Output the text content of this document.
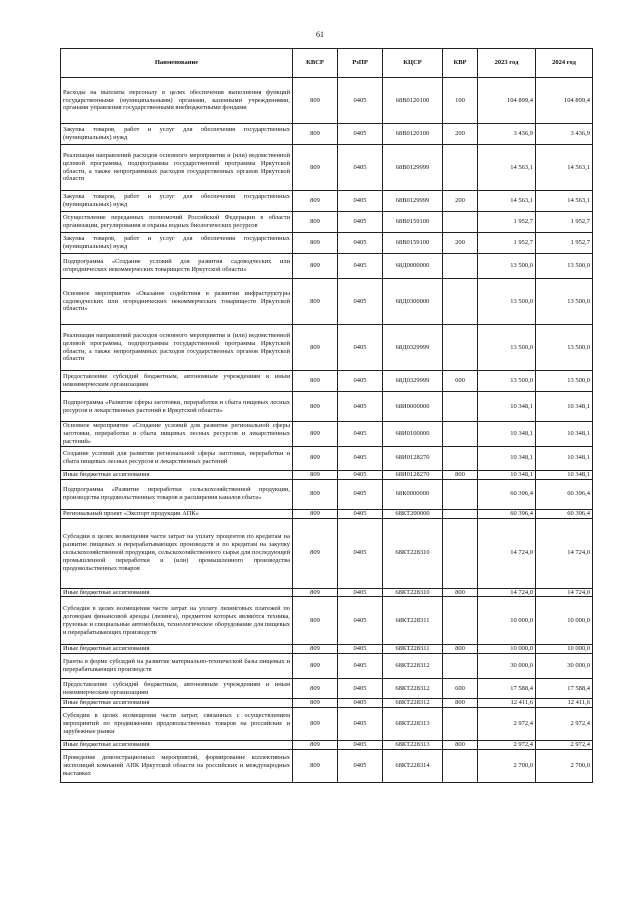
61
Наименование	КВСР	РзПР	КЦСР	КВР	2023 год	2024 год
Расходы на выплаты персоналу в целях обеспечения выполнения функций государственными (муниципальными) органами, казенными учреждениями, органами управления государственными внебюджетными фондами	809	0405	68В0120100	100	104 899,4	104 899,4
Закупка товаров, работ и услуг для обеспечения государственных (муниципальных) нужд	809	0405	68В0120100	200	3 436,9	3 436,9
Реализация направлений расходов основного мероприятия и (или) ведомственной целевой программы, подпрограммы государственной программы Иркутской области, а также непрограммных расходов государственных органов Иркутской области	809	0405	68В0129999		14 563,1	14 563,1
Закупка товаров, работ и услуг для обеспечения государственных (муниципальных) нужд	809	0405	68В0129999	200	14 563,1	14 563,1
Осуществление переданных полномочий Российской Федерации в области организации, регулирования и охраны водных биологических ресурсов	809	0405	68В0159100		1 952,7	1 952,7
Закупка товаров, работ и услуг для обеспечения государственных (муниципальных) нужд	809	0405	68В0159100	200	1 952,7	1 952,7
Подпрограмма «Создание условий для развития садоводческих или огороднических некоммерческих товариществ Иркутской области»	809	0405	68Д0000000		13 500,0	13 500,0
Основное мероприятие «Оказание содействия в развитии инфраструктуры садоводческих или огороднических некоммерческих товариществ Иркутской области»	809	0405	68Д0300000		13 500,0	13 500,0
Реализация направлений расходов основного мероприятия и (или) ведомственной целевой программы, подпрограммы государственной программы Иркутской области, а также непрограммных расходов государственных органов Иркутской области	809	0405	68Д0329999		13 500,0	13 500,0
Предоставление субсидий бюджетным, автономным учреждениям и иным некоммерческим организациям	809	0405	68Д0329999	600	13 500,0	13 500,0
Подпрограмма «Развитие сферы заготовки, переработки и сбыта пищевых лесных ресурсов и лекарственных растений в Иркутской области»	809	0405	68И0000000		10 348,1	10 348,1
Основное мероприятие «Создание условий для развития региональной сферы заготовки, переработки и сбыта пищевых лесных ресурсов и лекарственных растений»	809	0405	68И0100000		10 348,1	10 348,1
Создание условий для развития региональной сферы заготовки, переработки и сбыта пищевых лесных ресурсов и лекарственных растений	809	0405	68И0128270		10 348,1	10 348,1
Иные бюджетные ассигнования	809	0405	68И0128270	800	10 348,1	10 348,1
Подпрограмма «Развитие переработки сельскохозяйственной продукции, производства продовольственных товаров и расширения каналов сбыта»	809	0405	68К0000000		60 396,4	60 396,4
Региональный проект «Экспорт продукции АПК»	809	0405	68КТ200000		60 396,4	60 396,4
Субсидии в целях возмещения части затрат на уплату процентов по кредитам на развитие пищевых и перерабатывающих производств и по кредитам на закупку сельскохозяйственной продукции, сельскохозяйственного сырья для последующей промышленной переработки и (или) промышленного производства продовольственных товаров	809	0405	68КТ228310		14 724,0	14 724,0
Иные бюджетные ассигнования	809	0405	68КТ228310	800	14 724,0	14 724,0
Субсидии в целях возмещения части затрат на уплату лизинговых платежей по договорам финансовой аренды (лизинга), предметом которых являются техника, грузовые и специальные автомобили, технологическое оборудование для пищевых и перерабатывающих производств	809	0405	68КТ228311		10 000,0	10 000,0
Иные бюджетные ассигнования	809	0405	68КТ228311	800	10 000,0	10 000,0
Гранты в форме субсидий на развитие материально-технической базы пищевых и перерабатывающих производств	809	0405	68КТ228312		30 000,0	30 000,0
Предоставление субсидий бюджетным, автономным учреждениям и иным некоммерческим организациям	809	0405	68КТ228312	600	17 588,4	17 588,4
Иные бюджетные ассигнования	809	0405	68КТ228312	800	12 411,6	12 411,6
Субсидии в целях возмещения части затрат, связанных с осуществлением мероприятий по продвижению продовольственных товаров на российские и зарубежные рынки	809	0405	68КТ228313		2 972,4	2 972,4
Иные бюджетные ассигнования	809	0405	68КТ228313	800	2 972,4	2 972,4
Проведение демонстрационных мероприятий, формирование коллективных экспозиций компаний АПК Иркутской области на российских и международных выставках	809	0405	68КТ228314		2 700,0	2 700,0
